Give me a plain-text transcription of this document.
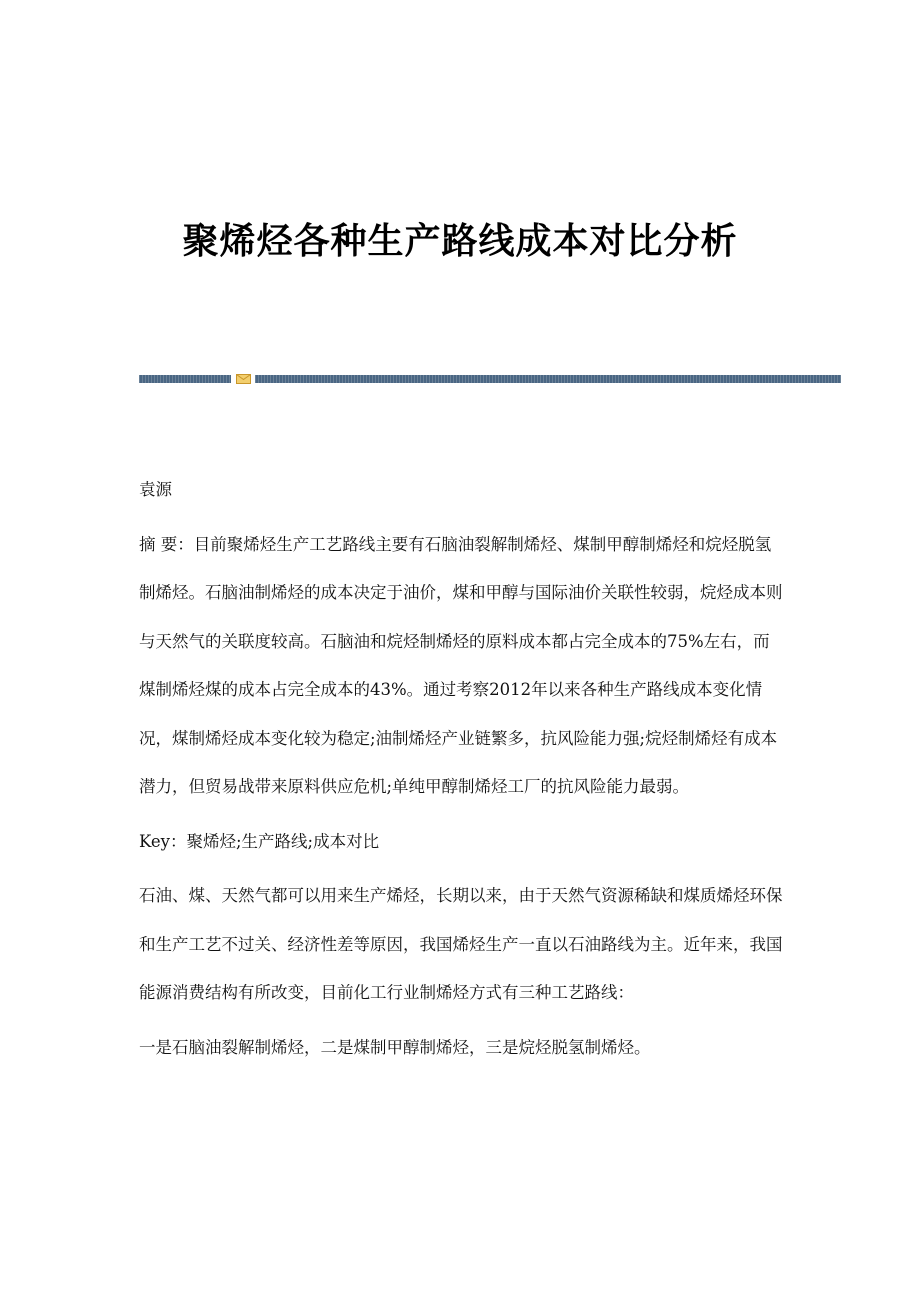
聚烯烃各种生产路线成本对比分析

袁源

摘 要：目前聚烯烃生产工艺路线主要有石脑油裂解制烯烃、煤制甲醇制烯烃和烷烃脱氢制烯烃。石脑油制烯烃的成本决定于油价，煤和甲醇与国际油价关联性较弱，烷烃成本则与天然气的关联度较高。石脑油和烷烃制烯烃的原料成本都占完全成本的75%左右，而煤制烯烃煤的成本占完全成本的43%。通过考察2012年以来各种生产路线成本变化情况，煤制烯烃成本变化较为稳定;油制烯烃产业链繁多，抗风险能力强;烷烃制烯烃有成本潜力，但贸易战带来原料供应危机;单纯甲醇制烯烃工厂的抗风险能力最弱。

Key：聚烯烃;生产路线;成本对比

石油、煤、天然气都可以用来生产烯烃，长期以来，由于天然气资源稀缺和煤质烯烃环保和生产工艺不过关、经济性差等原因，我国烯烃生产一直以石油路线为主。近年来，我国能源消费结构有所改变，目前化工行业制烯烃方式有三种工艺路线：

一是石脑油裂解制烯烃，二是煤制甲醇制烯烃，三是烷烃脱氢制烯烃。
